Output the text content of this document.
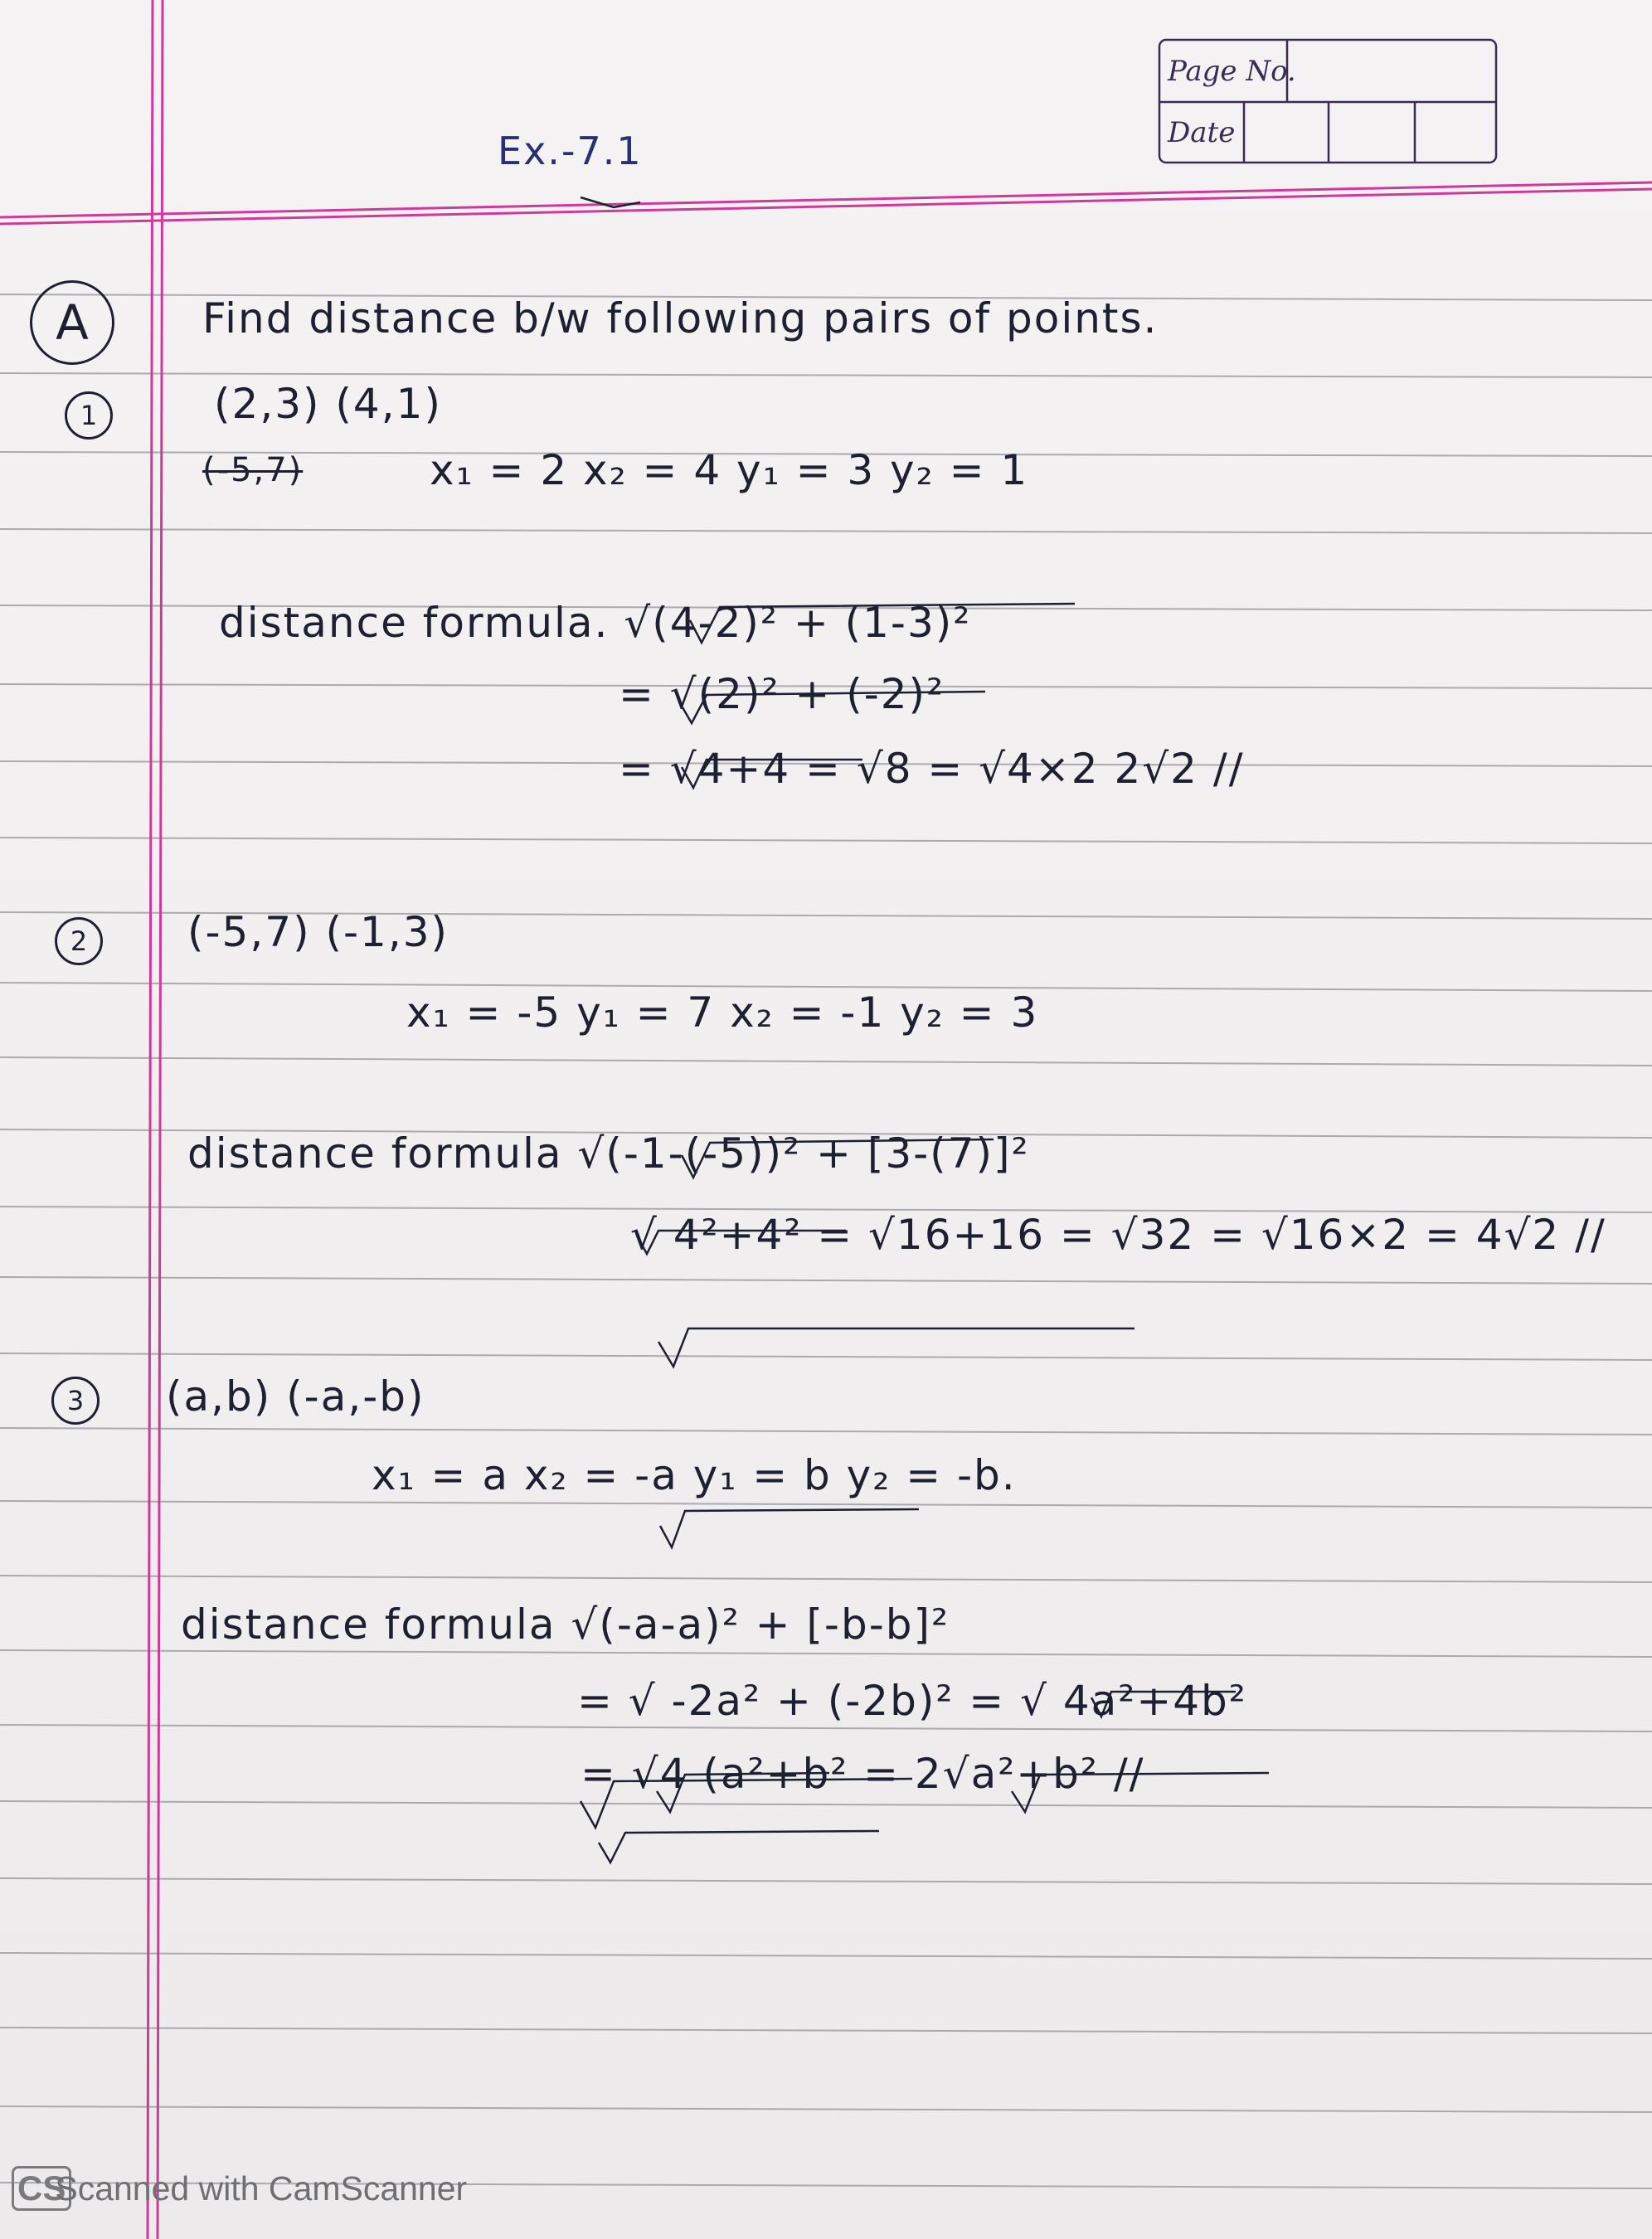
Page No.
Date
Ex.-7.1
A	Find distance b/w following pairs of points.
1	(2,3) (4,1)
(-5,7)	x₁ = 2 x₂ = 4 y₁ = 3 y₂ = 1
distance formula. √(4-2)² + (1-3)²
= √(2)² + (-2)²
= √4+4 = √8 = √4×2 2√2 //
2	(-5,7) (-1,3)
x₁ = -5 y₁ = 7 x₂ = -1 y₂ = 3
distance formula √(-1-(-5))² + [3-(7)]²
√ 4²+4² = √16+16 = √32 = √16×2 = 4√2 //
3	(a,b) (-a,-b)
x₁ = a x₂ = -a y₁ = b y₂ = -b.
distance formula √(-a-a)² + [-b-b]²
= √ -2a² + (-2b)² = √ 4a²+4b²
= √4 (a²+b² = 2√a²+b² //
CS
Scanned with CamScanner
